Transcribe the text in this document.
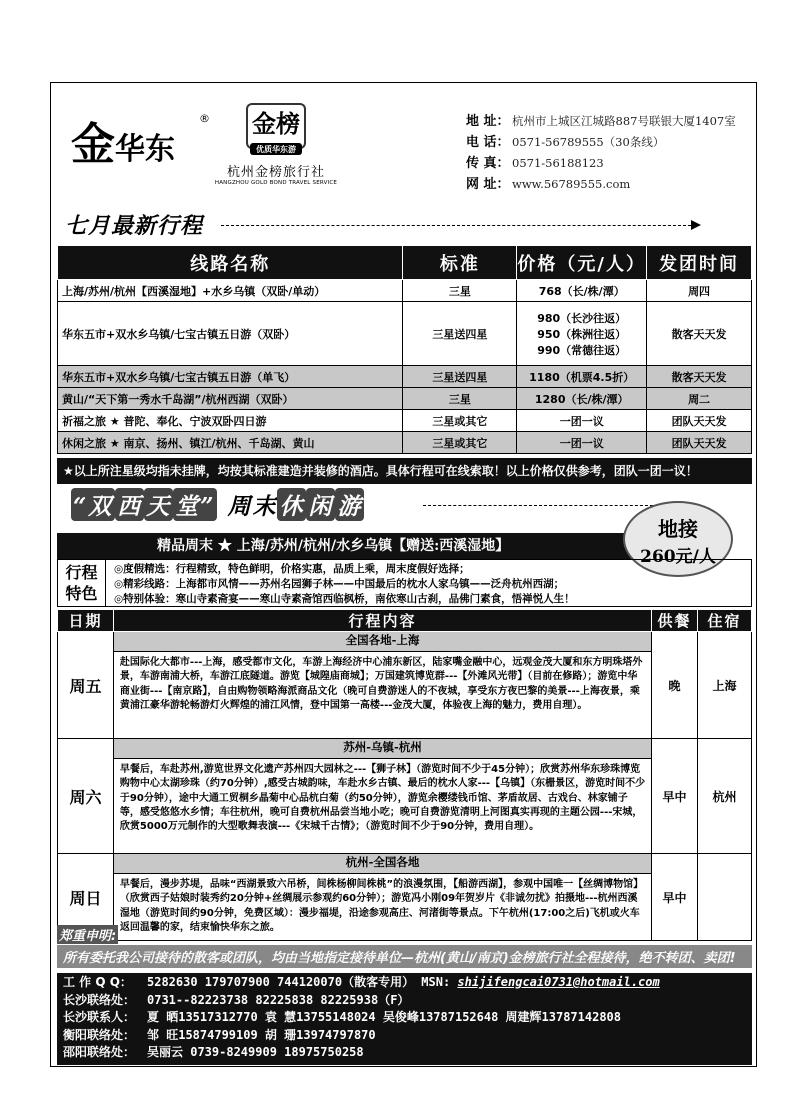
金 华东
® 金榜
优质华东游
杭州金榜旅行社
HANGZHOU GOLD BOND TRAVEL SERVICE
地 址： 杭州市上城区江城路887号联银大厦1407室
电 话： 0571-56789555（30条线）
传 真： 0571-56188123
网 址： www.56789555.com
七月最新行程
线路名称	标准	价格（元/人）	发团时间
上海/苏州/杭州【西溪湿地】+水乡乌镇（双卧/单动）	三星	768（长/株/潭）	周四
华东五市+双水乡乌镇/七宝古镇五日游（双卧）	三星送四星	980（长沙往返）
950（株洲往返）
990（常德往返）	散客天天发
华东五市+双水乡乌镇/七宝古镇五日游（单飞）	三星送四星	1180（机票4.5折）	散客天天发
黄山/“天下第一秀水千岛湖”/杭州西湖（双卧）	三星	1280（长/株/潭）	周二
祈福之旅 ★ 普陀、奉化、宁波双卧四日游	三星或其它	一团一议	团队天天发
休闲之旅 ★ 南京、扬州、镇江/杭州、千岛湖、黄山	三星或其它	一团一议	团队天天发
★以上所注星级均指未挂牌，均按其标准建造并装修的酒店。具体行程可在线索取！以上价格仅供参考，团队一团一议！
“双 西 天 堂” 周末休 闲 游
精品周末 ★ 上海/苏州/杭州/水乡乌镇【赠送:西溪湿地】
地接
260元/人
行程特色
◎度假精选：行程精致，特色鲜明，价格实惠，品质上乘，周末度假好选择；
◎精彩线路：上海都市风情——苏州名园狮子林——中国最后的枕水人家乌镇——泛舟杭州西湖；
◎特别体验：寒山寺素斋宴——寒山寺素斋馆西临枫桥，南依寒山古刹，品佛门素食，悟禅悦人生！
日期	行程内容	供餐	住宿
周五	全国各地-上海
赴国际化大都市---上海，感受都市文化，车游上海经济中心浦东新区，陆家嘴金融中心，远观金茂大厦和东方明珠塔外景，车游南浦大桥，车游江底隧道。游览【城隍庙商城】；万国建筑博览群---【外滩风光带】（目前在修路）；游览中华商业街---【南京路】，自由购物领略海派商品文化（晚可自费游迷人的不夜城，享受东方夜巴黎的美景---上海夜景，乘黄浦江豪华游轮畅游灯火辉煌的浦江风情，登中国第一高楼---金茂大厦，体验夜上海的魅力，费用自理）。	晚	上海
周六	苏州-乌镇-杭州
早餐后，车赴苏州,游览世界文化遗产苏州四大园林之---【狮子林】（游览时间不少于45分钟）；欣赏苏州华东珍珠博览购物中心太湖珍珠（约70分钟）,感受古城韵味，车赴水乡古镇、最后的枕水人家---【乌镇】（东栅景区，游览时间不少于90分钟），途中大通工贸桐乡晶菊中心品杭白菊（约50分钟），游览余樱缕钱币馆、茅盾故居、古戏台、林家铺子等，感受悠悠水乡情；车往杭州，晚可自费杭州品尝当地小吃；晚可自费游览清明上河图真实再现的主题公园---宋城，欣赏5000万元制作的大型歌舞表演---《宋城千古情》；（游览时间不少于90分钟，费用自理）。	早中	杭州
周日	杭州-全国各地
早餐后，漫步苏堤，品味“西湖景致六吊桥，间株杨柳间株桃”的浪漫氛围，【船游西湖】，参观中国唯一【丝绸博物馆】（欣赏西子姑娘时装秀约20分钟+丝绸展示参观约60分钟）；游览冯小刚09年贺岁片《非诚勿扰》拍摄地---杭州西溪湿地（游览时间约90分钟，免费区域）：漫步福堤，沿途参观高庄、河渚街等景点。下午杭州(17:00之后)飞机或火车返回温馨的家，结束愉快华东之旅。	早中	
郑重申明:
所有委托我公司接待的散客或团队，均由当地指定接待单位—杭州(黄山/南京)金榜旅行社全程接待，绝不转团、卖团!
工 作 Q Q： 5282630 179707900 744120070（散客专用） MSN: shijifengcai0731@hotmail.com
长沙联络处： 0731--82223738 82225838 82225938（F）
长沙联系人： 夏 晒13517312770 袁 慧13755148024 吴俊峰13787152648 周建辉13787142808
衡阳联络处： 邹 旺15874799109 胡 珊13974797870
邵阳联络处： 吴丽云 0739-8249909 18975750258
